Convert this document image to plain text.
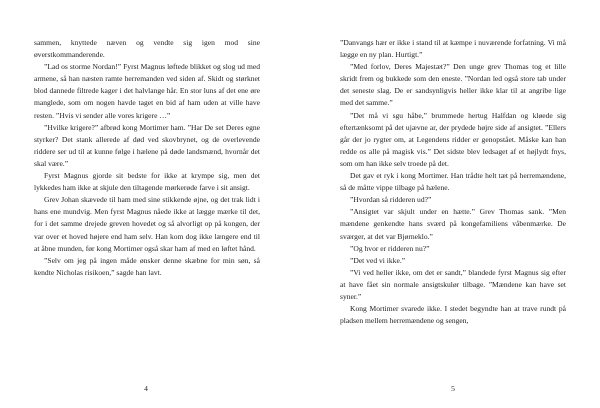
sammen, knyttede næven og vendte sig igen mod sine øverstkommanderende.

”Lad os storme Nordan!” Fyrst Magnus løftede blikket og slog ud med armene, så han næsten ramte herremanden ved siden af. Skidt og størknet blod dannede filtrede kager i det halvlange hår. En stor luns af det ene øre manglede, som om nogen havde taget en bid af ham uden at ville have resten. ”Hvis vi sender alle vores krigere …”

”Hvilke krigere?” afbrød kong Mortimer ham. ”Har De set Deres egne styrker? Det stank allerede af død ved skovbrynet, og de overlevende riddere ser ud til at kunne følge i hælene på døde landsmænd, hvornår det skal være.”

Fyrst Magnus gjorde sit bedste for ikke at krympe sig, men det lykkedes ham ikke at skjule den tiltagende mørkerøde farve i sit ansigt.

Grev Johan skævede til ham med sine stikkende øjne, og det trak lidt i hans ene mundvig. Men fyrst Magnus nåede ikke at lægge mærke til det, for i det samme drejede greven hovedet og så alvorligt op på kongen, der var over et hoved højere end ham selv. Han kom dog ikke længere end til at åbne munden, før kong Mortimer også skar ham af med en løftet hånd.

”Selv om jeg på ingen måde ønsker denne skæbne for min søn, så kendte Nicholas risikoen,” sagde han lavt.

4

”Danvangs hær er ikke i stand til at kæmpe i nuværende forfatning. Vi må lægge en ny plan. Hurtigt.”

”Med forlov, Deres Majestæt?” Den unge grev Thomas tog et lille skridt frem og bukkede som den eneste. ”Nordan led også store tab under det seneste slag. De er sandsynligvis heller ikke klar til at angribe lige med det samme.”

”Det må vi sgu håbe,” brummede hertug Halfdan og kløede sig eftertænksomt på det ujævne ar, der prydede højre side af ansigtet. ”Ellers går der jo rygter om, at Legendens ridder er genopstået. Måske kan han redde os alle på magisk vis.” Det sidste blev ledsaget af et højlydt fnys, som om han ikke selv troede på det.

Det gav et ryk i kong Mortimer. Han trådte helt tæt på herremændene, så de måtte vippe tilbage på hælene.

”Hvordan så ridderen ud?”

”Ansigtet var skjult under en hætte.” Grev Thomas sank. ”Men mændene genkendte hans sværd på kongefamiliens våbenmærke. De sværger, at det var Bjørneklo.”

”Og hvor er ridderen nu?”

”Det ved vi ikke.”

”Vi ved heller ikke, om det er sandt,” blandede fyrst Magnus sig efter at have fået sin normale ansigtskulør tilbage. ”Mændene kan have set syner.”

Kong Mortimer svarede ikke. I stedet begyndte han at trave rundt på pladsen mellem herremændene og sengen,

5
